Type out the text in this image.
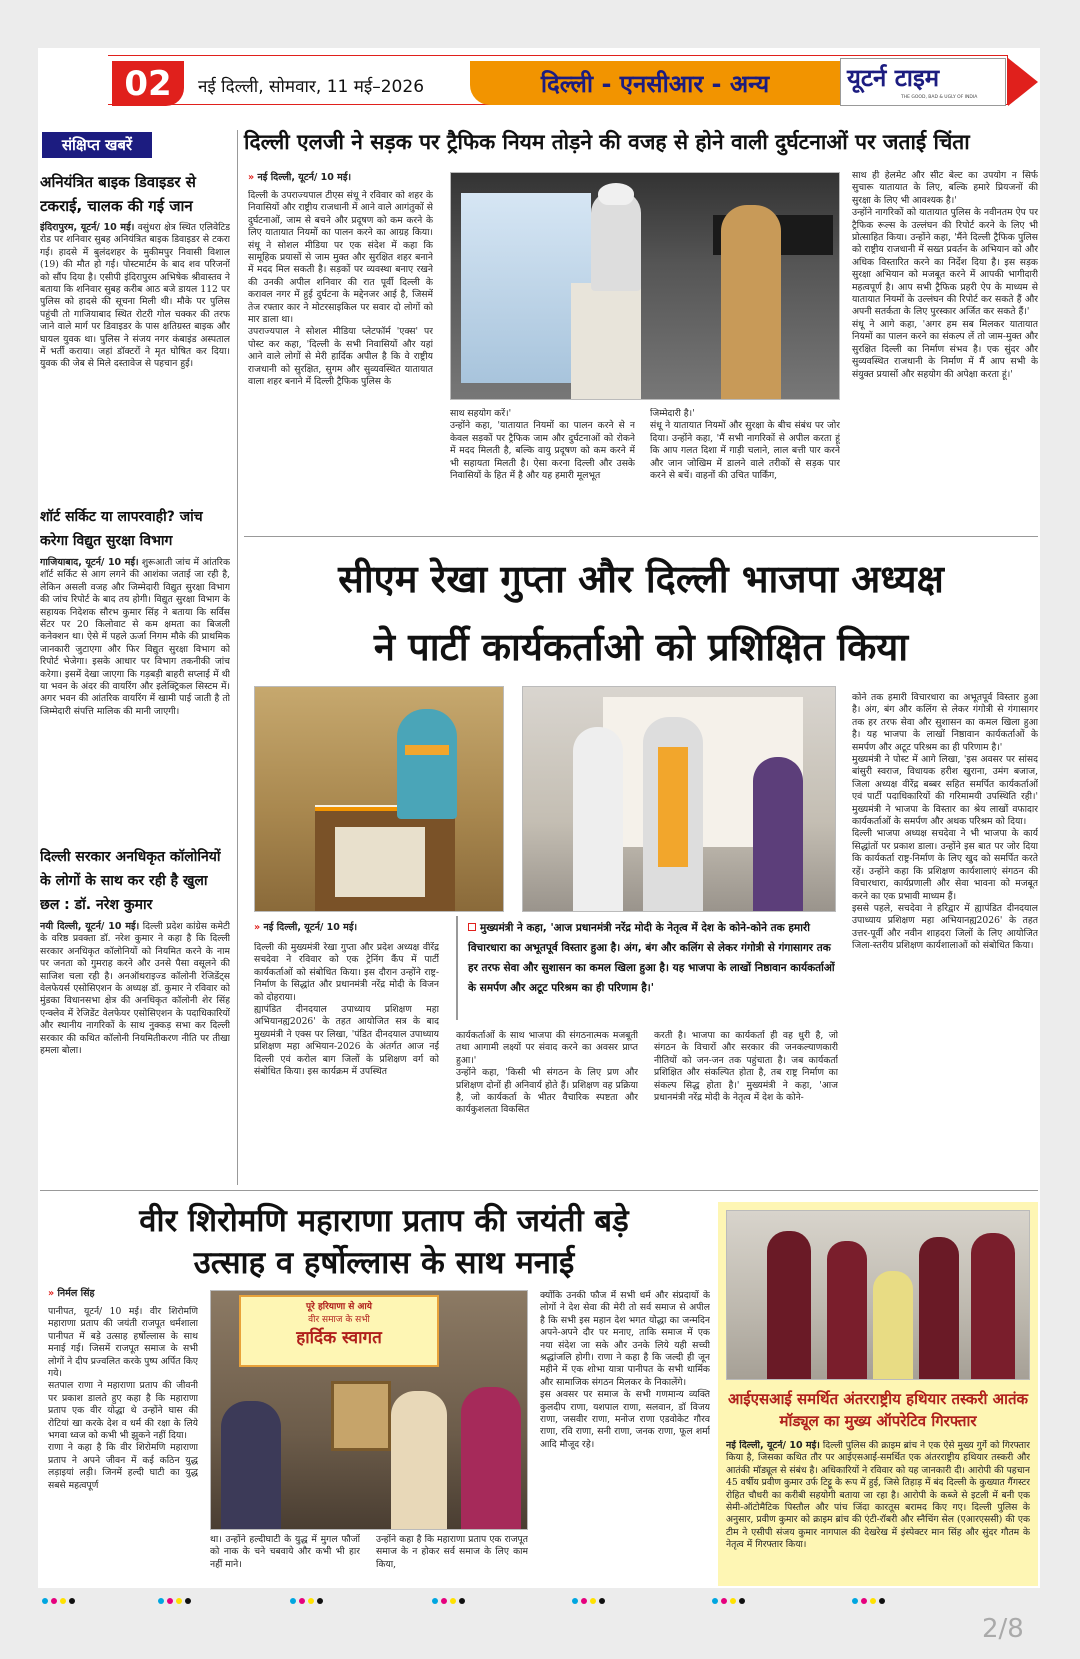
02 नई दिल्ली, सोमवार, 11 मई–2026	दिल्ली - एनसीआर - अन्य	यूटर्न टाइम
THE GOOD, BAD & UGLY OF INDIA
संक्षिप्त खबरें
अनियंत्रित बाइक डिवाइडर से टकराई, चालक की गई जान
इंदिरापुरम, यूटर्न/ 10 मई। वसुंधरा क्षेत्र स्थित एलिवेटिड रोड पर शनिवार सुबह अनियंत्रित बाइक डिवाइडर से टकरा गई। हादसे में बुलंदशहर के मुकीमपुर निवासी विशाल (19) की मौत हो गई। पोस्टमार्टम के बाद शव परिजनों को सौंप दिया है। एसीपी इंदिरापुरम अभिषेक श्रीवास्तव ने बताया कि शनिवार सुबह करीब आठ बजे डायल 112 पर पुलिस को हादसे की सूचना मिली थी। मौके पर पुलिस पहुंची तो गाजियाबाद स्थित रोटरी गोल चक्कर की तरफ जाने वाले मार्ग पर डिवाइडर के पास क्षतिग्रस्त बाइक और घायल युवक था। पुलिस ने संजय नगर कंबाइंड अस्पताल में भर्ती कराया। जहां डॉक्टरों ने मृत घोषित कर दिया। युवक की जेब से मिले दस्तावेज से पहचान हुई।
शॉर्ट सर्किट या लापरवाही? जांच करेगा विद्युत सुरक्षा विभाग
गाजियाबाद, यूटर्न/ 10 मई। शुरूआती जांच में आंतरिक शॉर्ट सर्किट से आग लगने की आशंका जताई जा रही है, लेकिन असली वजह और जिम्मेदारी विद्युत सुरक्षा विभाग की जांच रिपोर्ट के बाद तय होगी। विद्युत सुरक्षा विभाग के सहायक निदेशक सौरभ कुमार सिंह ने बताया कि सर्विस सेंटर पर 20 किलोवाट से कम क्षमता का बिजली कनेक्शन था। ऐसे में पहले ऊर्जा निगम मौके की प्राथमिक जानकारी जुटाएगा और फिर विद्युत सुरक्षा विभाग को रिपोर्ट भेजेगा। इसके आधार पर विभाग तकनीकी जांच करेगा। इसमें देखा जाएगा कि गड़बड़ी बाहरी सप्लाई में थी या भवन के अंदर की वायरिंग और इलेक्ट्रिकल सिस्टम में। अगर भवन की आंतरिक वायरिंग में खामी पाई जाती है तो जिम्मेदारी संपत्ति मालिक की मानी जाएगी।
दिल्ली सरकार अनधिकृत कॉलोनियों के लोगों के साथ कर रही है खुला छल : डॉ. नरेश कुमार
नयी दिल्ली, यूटर्न/ 10 मई। दिल्ली प्रदेश कांग्रेस कमेटी के वरिष्ठ प्रवक्ता डॉ. नरेश कुमार ने कहा है कि दिल्ली सरकार अनधिकृत कॉलोनियों को नियमित करने के नाम पर जनता को गुमराह करने और उनसे पैसा वसूलने की साजिश चला रही है। अनऑथराइज्ड कॉलोनी रेजिडेंट्स वेलफेयर्स एसोसिएशन के अध्यक्ष डॉ. कुमार ने रविवार को मुंडका विधानसभा क्षेत्र की अनधिकृत कॉलोनी शेर सिंह एन्क्लेव में रेजिडेंट वेलफेयर एसोसिएशन के पदाधिकारियों और स्थानीय नागरिकों के साथ नुक्कड़ सभा कर दिल्ली सरकार की कथित कॉलोनी नियमितीकरण नीति पर तीखा हमला बोला।
दिल्ली एलजी ने सड़क पर ट्रैफिक नियम तोड़ने की वजह से होने वाली दुर्घटनाओं पर जताई चिंता
» नई दिल्ली, यूटर्न/ 10 मई।
दिल्ली के उपराज्यपाल टीएस संधू ने रविवार को शहर के निवासियों और राष्ट्रीय राजधानी में आने वाले आगंतुकों से दुर्घटनाओं, जाम से बचने और प्रदूषण को कम करने के लिए यातायात नियमों का पालन करने का आग्रह किया। संधू ने सोशल मीडिया पर एक संदेश में कहा कि सामूहिक प्रयासों से जाम मुक्त और सुरक्षित शहर बनाने में मदद मिल सकती है। सड़कों पर व्यवस्था बनाए रखने की उनकी अपील शनिवार की रात पूर्वी दिल्ली के करावल नगर में हुई दुर्घटना के मद्देनजर आई है, जिसमें तेज रफ्तार कार ने मोटरसाइकिल पर सवार दो लोगों को मार डाला था।
उपराज्यपाल ने सोशल मीडिया प्लेटफॉर्म 'एक्स' पर पोस्ट कर कहा, 'दिल्ली के सभी निवासियों और यहां आने वाले लोगों से मेरी हार्दिक अपील है कि वे राष्ट्रीय राजधानी को सुरक्षित, सुगम और सुव्यवस्थित यातायात वाला शहर बनाने में दिल्ली ट्रैफिक पुलिस के
साथ सहयोग करें।'
उन्होंने कहा, 'यातायात नियमों का पालन करने से न केवल सड़कों पर ट्रैफिक जाम और दुर्घटनाओं को रोकने में मदद मिलती है, बल्कि वायु प्रदूषण को कम करने में भी सहायता मिलती है। ऐसा करना दिल्ली और उसके निवासियों के हित में है और यह हमारी मूलभूत
जिम्मेदारी है।'
संधू ने यातायात नियमों और सुरक्षा के बीच संबंध पर जोर दिया। उन्होंने कहा, 'मैं सभी नागरिकों से अपील करता हूं कि आप गलत दिशा में गाड़ी चलाने, लाल बत्ती पार करने और जान जोखिम में डालने वाले तरीकों से सड़क पार करने से बचें। वाहनों की उचित पार्किंग,
साथ ही हेलमेट और सीट बेल्ट का उपयोग न सिर्फ सुचारू यातायात के लिए, बल्कि हमारे प्रियजनों की सुरक्षा के लिए भी आवश्यक है।'
उन्होंने नागरिकों को यातायात पुलिस के नवीनतम ऐप पर ट्रैफिक रूल्स के उल्लंघन की रिपोर्ट करने के लिए भी प्रोत्साहित किया। उन्होंने कहा, 'मैंने दिल्ली ट्रैफिक पुलिस को राष्ट्रीय राजधानी में सख्त प्रवर्तन के अभियान को और अधिक विस्तारित करने का निर्देश दिया है। इस सड़क सुरक्षा अभियान को मजबूत करने में आपकी भागीदारी महत्वपूर्ण है। आप सभी ट्रैफिक प्रहरी ऐप के माध्यम से यातायात नियमों के उल्लंघन की रिपोर्ट कर सकते हैं और अपनी सतर्कता के लिए पुरस्कार अर्जित कर सकते हैं।'
संधू ने आगे कहा, 'अगर हम सब मिलकर यातायात नियमों का पालन करने का संकल्प लें तो जाम-मुक्त और सुरक्षित दिल्ली का निर्माण संभव है। एक सुंदर और सुव्यवस्थित राजधानी के निर्माण में मैं आप सभी के संयुक्त प्रयासों और सहयोग की अपेक्षा करता हूं।'
सीएम रेखा गुप्ता और दिल्ली भाजपा अध्यक्ष
ने पार्टी कार्यकर्ताओ को प्रशिक्षित किया
» नई दिल्ली, यूटर्न/ 10 मई।
दिल्ली की मुख्यमंत्री रेखा गुप्ता और प्रदेश अध्यक्ष वीरेंद्र सचदेवा ने रविवार को एक ट्रेनिंग कैंप में पार्टी कार्यकर्ताओं को संबोधित किया। इस दौरान उन्होंने राष्ट्र-निर्माण के सिद्धांत और प्रधानमंत्री नरेंद्र मोदी के विजन को दोहराया।
ह्यापंडित दीनदयाल उपाध्याय प्रशिक्षण महा अभियानह्य2026' के तहत आयोजित सत्र के बाद मुख्यमंत्री ने एक्स पर लिखा, 'पंडित दीनदयाल उपाध्याय प्रशिक्षण महा अभियान-2026 के अंतर्गत आज नई दिल्ली एवं करोल बाग जिलों के प्रशिक्षण वर्ग को संबोधित किया। इस कार्यक्रम में उपस्थित
मुख्यमंत्री ने कहा, 'आज प्रधानमंत्री नरेंद्र मोदी के नेतृत्व में देश के कोने-कोने तक हमारी विचारधारा का अभूतपूर्व विस्तार हुआ है। अंग, बंग और कलिंग से लेकर गंगोत्री से गंगासागर तक हर तरफ सेवा और सुशासन का कमल खिला हुआ है। यह भाजपा के लाखों निष्ठावान कार्यकर्ताओं के समर्पण और अटूट परिश्रम का ही परिणाम है।'
कार्यकर्ताओं के साथ भाजपा की संगठनात्मक मजबूती तथा आगामी लक्ष्यों पर संवाद करने का अवसर प्राप्त हुआ।'
उन्होंने कहा, 'किसी भी संगठन के लिए प्रण और प्रशिक्षण दोनों ही अनिवार्य होते हैं। प्रशिक्षण वह प्रक्रिया है, जो कार्यकर्ता के भीतर वैचारिक स्पष्टता और कार्यकुशलता विकसित
करती है। भाजपा का कार्यकर्ता ही वह धुरी है, जो संगठन के विचारों और सरकार की जनकल्याणकारी नीतियों को जन-जन तक पहुंचाता है। जब कार्यकर्ता प्रशिक्षित और संकल्पित होता है, तब राष्ट्र निर्माण का संकल्प सिद्ध होता है।' मुख्यमंत्री ने कहा, 'आज प्रधानमंत्री नरेंद्र मोदी के नेतृत्व में देश के कोने-
कोने तक हमारी विचारधारा का अभूतपूर्व विस्तार हुआ है। अंग, बंग और कलिंग से लेकर गंगोत्री से गंगासागर तक हर तरफ सेवा और सुशासन का कमल खिला हुआ है। यह भाजपा के लाखों निष्ठावान कार्यकर्ताओं के समर्पण और अटूट परिश्रम का ही परिणाम है।'
मुख्यमंत्री ने पोस्ट में आगे लिखा, 'इस अवसर पर सांसद बांसुरी स्वराज, विधायक हरीश खुराना, उमंग बजाज, जिला अध्यक्ष वीरेंद्र बब्बर सहित समर्पित कार्यकर्ताओं एवं पार्टी पदाधिकारियों की गरिमामयी उपस्थिति रही।' मुख्यमंत्री ने भाजपा के विस्तार का श्रेय लाखों वफादार कार्यकर्ताओं के समर्पण और अथक परिश्रम को दिया।
दिल्ली भाजपा अध्यक्ष सचदेवा ने भी भाजपा के कार्य सिद्धांतों पर प्रकाश डाला। उन्होंने इस बात पर जोर दिया कि कार्यकर्ता राष्ट्र-निर्माण के लिए खुद को समर्पित करते रहें। उन्होंने कहा कि प्रशिक्षण कार्यशालाएं संगठन की विचारधारा, कार्यप्रणाली और सेवा भावना को मजबूत करने का एक प्रभावी माध्यम हैं।
इससे पहले, सचदेवा ने हरिद्वार में ह्यापंडित दीनदयाल उपाध्याय प्रशिक्षण महा अभियानह्य2026' के तहत उत्तर-पूर्वी और नवीन शाहदरा जिलों के लिए आयोजित जिला-स्तरीय प्रशिक्षण कार्यशालाओं को संबोधित किया।
वीर शिरोमणि महाराणा प्रताप की जयंती बड़े
उत्साह व हर्षोल्लास के साथ मनाई
» निर्मल सिंह
पानीपत, यूटर्न/ 10 मई। वीर शिरोमणि महाराणा प्रताप की जयंती राजपूत धर्मशाला पानीपत में बड़े उत्साह हर्षोल्लास के साथ मनाई गई। जिसमें राजपूत समाज के सभी लोगों ने दीप प्रज्वलित करके पुष्प अर्पित किए गये।
सतपाल राणा ने महाराणा प्रताप की जीवनी पर प्रकाश डालते हुए कहा है कि महाराणा प्रताप एक वीर योद्धा थे उन्होंने घास की रोटियां खा करके देश व धर्म की रक्षा के लिये भगवा ध्वज को कभी भी झुकने नहीं दिया।
राणा ने कहा है कि वीर शिरोमणि महाराणा प्रताप ने अपने जीवन में कई कठिन युद्ध लड़ाइयां लड़ी। जिनमें हल्दी घाटी का युद्ध सबसे महत्वपूर्ण
पूरे हरियाणा से आये
वीर समाज के सभी
हार्दिक स्वागत
था। उन्होंने हल्दीघाटी के युद्ध में मुगल फौजों को नाक के चने चबवाये और कभी भी हार नहीं माने।
उन्होंने कहा है कि महाराणा प्रताप एक राजपूत समाज के न होकर सर्व समाज के लिए काम किया,
क्योंकि उनकी फौज में सभी धर्म और संप्रदायों के लोगों ने देश सेवा की मेरी तो सर्व समाज से अपील है कि सभी इस महान देश भगत योद्धा का जन्मदिन अपने-अपने दौर पर मनाए, ताकि समाज में एक नया संदेश जा सके और उनके लिये यही सच्ची श्रद्धांजलि होगी। राणा ने कहा है कि जल्दी ही जून महीने में एक शोभा यात्रा पानीपत के सभी धार्मिक और सामाजिक संगठन मिलकर के निकालेंगे।
इस अवसर पर समाज के सभी गणमान्य व्यक्ति कुलदीप राणा, यशपाल राणा, सलवान, डॉ विजय राणा, जसवीर राणा, मनोज राणा एडवोकेट गौरव राणा, रवि राणा, सनी राणा, जनक राणा, फूल शर्मा आदि मौजूद रहे।
आईएसआई समर्थित अंतरराष्ट्रीय हथियार तस्करी आतंक मॉड्यूल का मुख्य ऑपरेटिव गिरफ्तार
नई दिल्ली, यूटर्न/ 10 मई। दिल्ली पुलिस की क्राइम ब्रांच ने एक ऐसे मुख्य गुर्गे को गिरफ्तार किया है, जिसका कथित तौर पर आईएसआई-समर्थित एक अंतरराष्ट्रीय हथियार तस्करी और आतंकी मॉड्यूल से संबंध है। अधिकारियों ने रविवार को यह जानकारी दी। आरोपी की पहचान 45 वर्षीय प्रवीण कुमार उर्फ टिट्टू के रूप में हुई, जिसे तिहाड़ में बंद दिल्ली के कुख्यात गैंगस्टर रोहित चौधरी का करीबी सहयोगी बताया जा रहा है। आरोपी के कब्जे से इटली में बनी एक सेमी-ऑटोमैटिक पिस्तौल और पांच जिंदा कारतूस बरामद किए गए। दिल्ली पुलिस के अनुसार, प्रवीण कुमार को क्राइम ब्रांच की एंटी-रॉबरी और स्नैचिंग सेल (एआरएससी) की एक टीम ने एसीपी संजय कुमार नागपाल की देखरेख में इंस्पेक्टर मान सिंह और सुंदर गौतम के नेतृत्व में गिरफ्तार किया।
2/8
